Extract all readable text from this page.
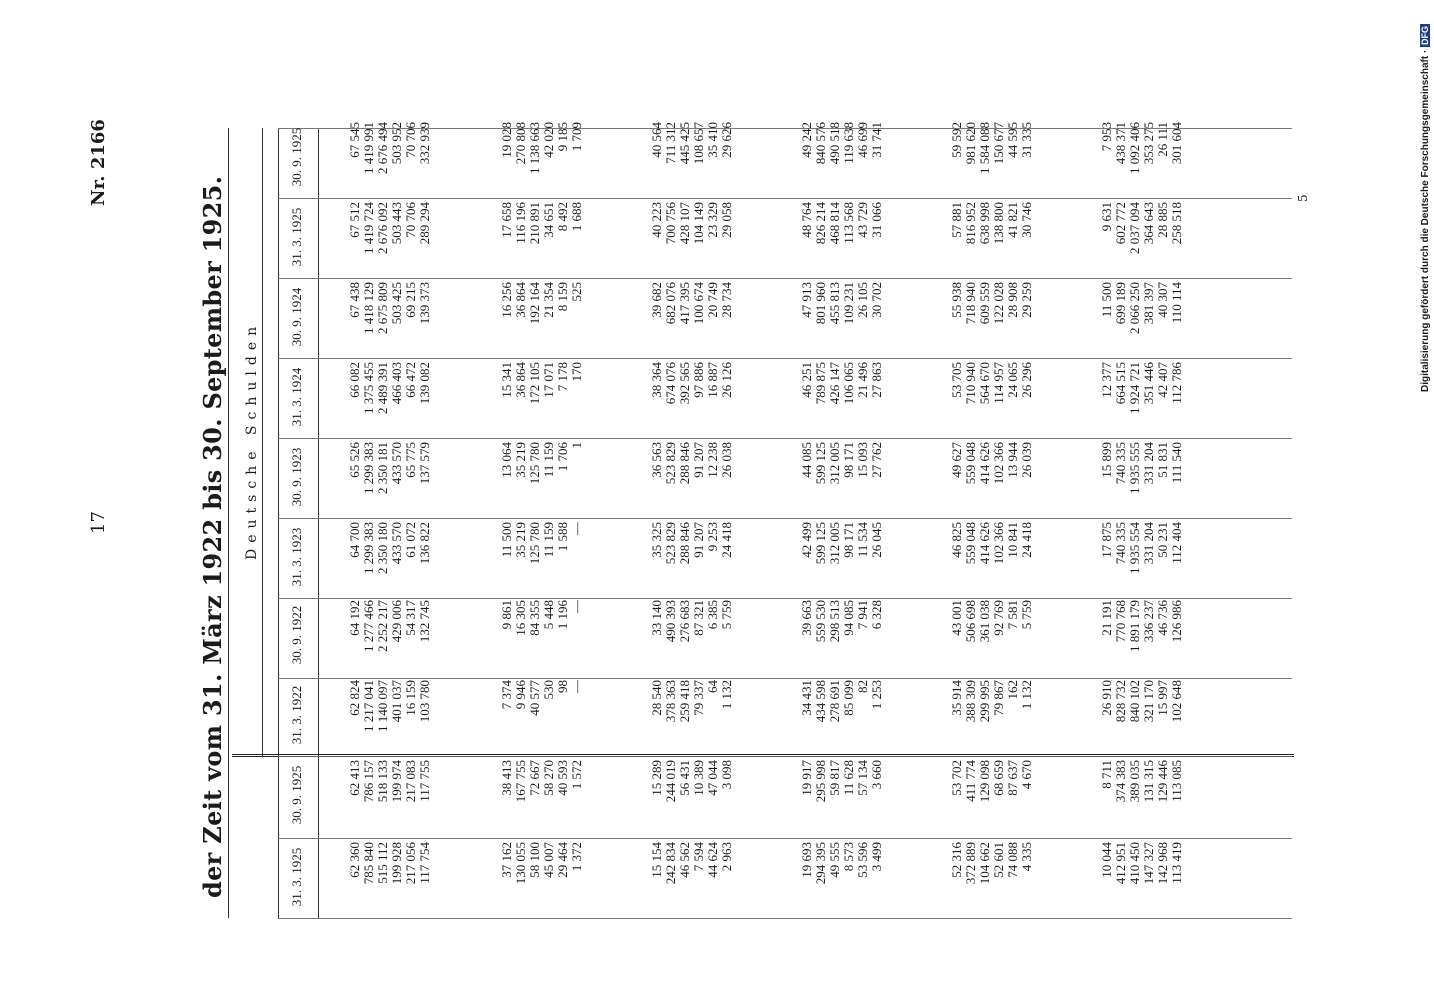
der Zeit vom 31. März 1922 bis 30. September 1925.
17
Nr. 2166
Deutsche Schulden
5	Digitalisierung gefördert durch die Deutsche Forschungsgemeinschaft · DFG
62 360 785 840 515 112 199 928 217 056 117 754
62 413 786 157 518 133 199 974 217 083 117 755
62 824 1 217 041 1 140 097 401 037 16 159 103 780
64 192 1 277 466 2 252 217 429 006 54 317 132 745
64 700 1 299 383 2 350 180 433 570 61 072 136 822
65 526 1 299 383 2 350 181 433 570 65 775 137 579
66 082 1 375 455 2 489 391 466 403 66 472 139 082
67 438 1 418 129 2 675 809 503 425 69 215 139 373
67 512 1 419 724 2 676 092 503 443 70 706 289 294
67 545 1 419 991 2 676 494 503 952 70 706 332 939
37 162 130 055 58 100 45 007 29 464 1 372
38 413 167 755 72 667 58 270 40 593 1 572
7 374 9 946 40 577 530 98 —
9 861 16 305 84 355 5 448 1 196 —
11 500 35 219 125 780 11 159 1 588 —
13 064 35 219 125 780 11 159 1 706 1
15 341 36 864 172 105 17 071 7 178 170
16 256 36 864 192 164 21 354 8 159 525
17 658 116 196 210 891 34 651 8 492 1 688
19 028 270 808 1 138 663 42 020 9 185 1 709
15 154 242 834 46 562 7 594 44 624 2 963
15 289 244 019 56 431 10 389 47 044 3 098
28 540 378 363 259 418 79 337 64 1 132
33 140 490 393 276 683 87 321 6 385 5 759
35 325 523 829 288 846 91 207 9 253 24 418
36 563 523 829 288 846 91 207 12 238 26 038
38 364 674 076 392 565 97 886 16 887 26 126
39 682 682 076 417 395 100 674 20 749 28 734
40 223 700 756 428 107 104 149 23 329 29 058
40 564 711 312 445 425 108 657 35 410 29 626
19 693 294 395 49 555 8 573 53 596 3 499
19 917 295 998 59 817 11 628 57 134 3 660
34 431 434 598 278 691 85 099 82 1 253
39 663 559 530 298 513 94 085 7 941 6 328
42 499 599 125 312 005 98 171 11 534 26 045
44 085 599 125 312 005 98 171 15 093 27 762
46 251 789 875 426 147 106 065 21 496 27 863
47 913 801 960 455 813 109 231 26 105 30 702
48 764 826 214 468 814 113 568 43 729 31 066
49 242 840 576 490 518 119 638 46 699 31 741
52 316 372 889 104 662 52 601 74 088 4 335
53 702 411 774 129 098 68 659 87 637 4 670
35 914 388 309 299 995 79 867 162 1 132
43 001 506 698 361 038 92 769 7 581 5 759
46 825 559 048 414 626 102 366 10 841 24 418
49 627 559 048 414 626 102 366 13 944 26 039
53 705 710 940 564 670 114 957 24 065 26 296
55 938 718 940 609 559 122 028 28 908 29 259
57 881 816 952 638 998 138 800 41 821 30 746
59 592 981 620 1 584 088 150 677 44 595 31 335
10 044 412 951 410 450 147 327 142 968 113 419
8 711 374 383 389 035 131 315 129 446 113 085
26 910 828 732 840 102 321 170 15 997 102 648
21 191 770 768 1 891 179 336 237 46 736 126 986
17 875 740 335 1 935 554 331 204 50 231 112 404
15 899 740 335 1 935 555 331 204 51 831 111 540
12 377 664 515 1 924 721 351 446 42 407 112 786
11 500 699 189 2 066 250 381 397 40 307 110 114
9 631 602 772 2 037 094 364 643 28 885 258 518
7 953 438 371 1 092 406 353 275 26 111 301 604
31. 3. 1925
30. 9. 1925
31. 3. 1922
30. 9. 1922
31. 3. 1923
30. 9. 1923
31. 3. 1924
30. 9. 1924
31. 3. 1925
30. 9. 1925
